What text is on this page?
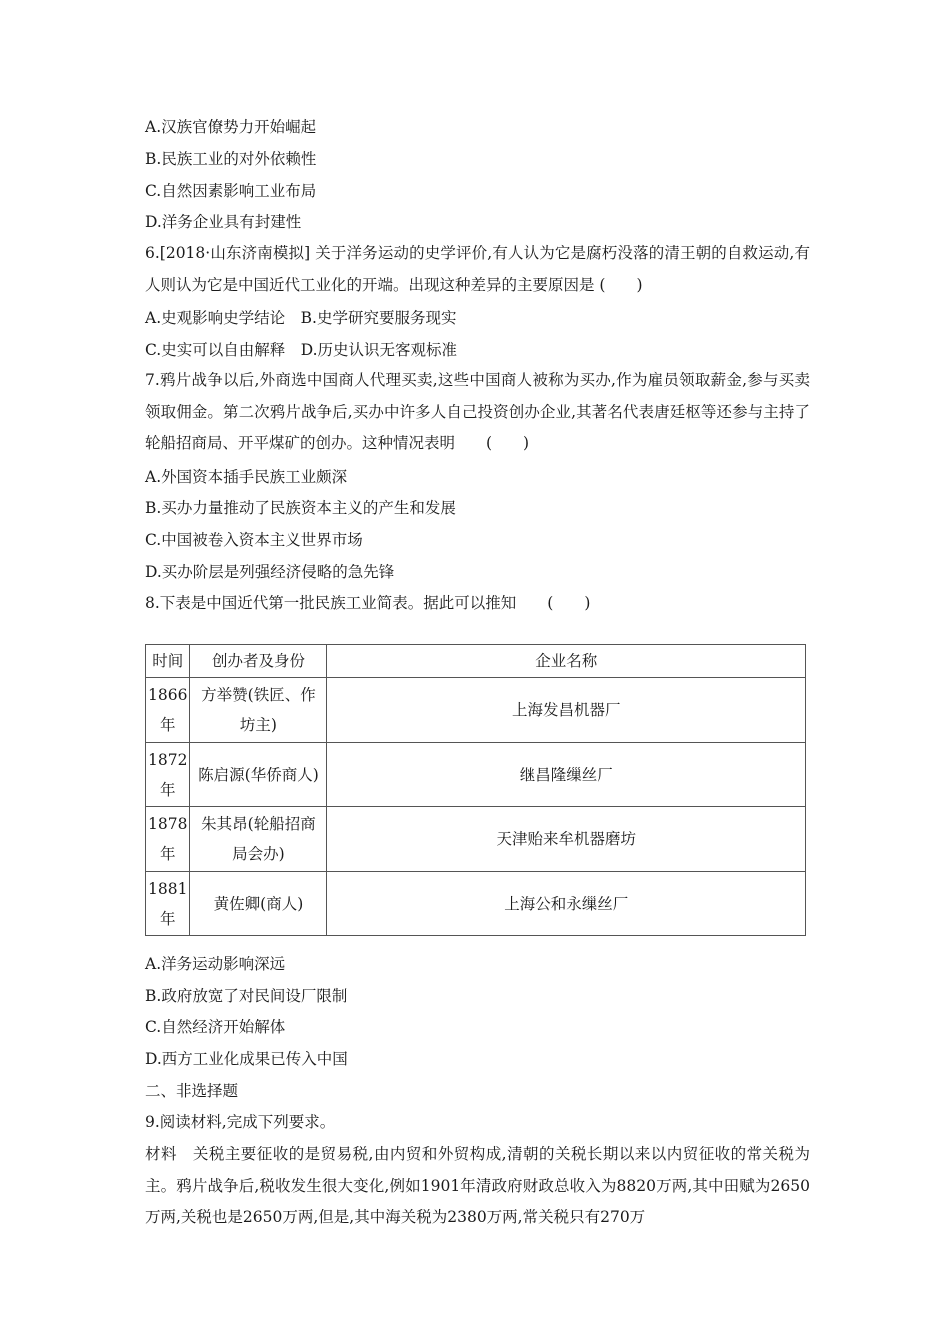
A.汉族官僚势力开始崛起
B.民族工业的对外依赖性
C.自然因素影响工业布局
D.洋务企业具有封建性
6.[2018·山东济南模拟] 关于洋务运动的史学评价,有人认为它是腐朽没落的清王朝的自救运动,有人则认为它是中国近代工业化的开端。出现这种差异的主要原因是 (　　)
A.史观影响史学结论　B.史学研究要服务现实
C.史实可以自由解释　D.历史认识无客观标准
7.鸦片战争以后,外商选中国商人代理买卖,这些中国商人被称为买办,作为雇员领取薪金,参与买卖领取佣金。第二次鸦片战争后,买办中许多人自己投资创办企业,其著名代表唐廷枢等还参与主持了轮船招商局、开平煤矿的创办。这种情况表明　　(　　)
A.外国资本插手民族工业颇深
B.买办力量推动了民族资本主义的产生和发展
C.中国被卷入资本主义世界市场
D.买办阶层是列强经济侵略的急先锋
8.下表是中国近代第一批民族工业简表。据此可以推知　　(　　)
时间	创办者及身份	企业名称
1866年	方举赞(铁匠、作坊主)	上海发昌机器厂
1872年	陈启源(华侨商人)	继昌隆缫丝厂
1878年	朱其昂(轮船招商局会办)	天津贻来牟机器磨坊
1881年	黄佐卿(商人)	上海公和永缫丝厂
A.洋务运动影响深远
B.政府放宽了对民间设厂限制
C.自然经济开始解体
D.西方工业化成果已传入中国
二、非选择题
9.阅读材料,完成下列要求。
材料　关税主要征收的是贸易税,由内贸和外贸构成,清朝的关税长期以来以内贸征收的常关税为主。鸦片战争后,税收发生很大变化,例如1901年清政府财政总收入为8820万两,其中田赋为2650万两,关税也是2650万两,但是,其中海关税为2380万两,常关税只有270万
